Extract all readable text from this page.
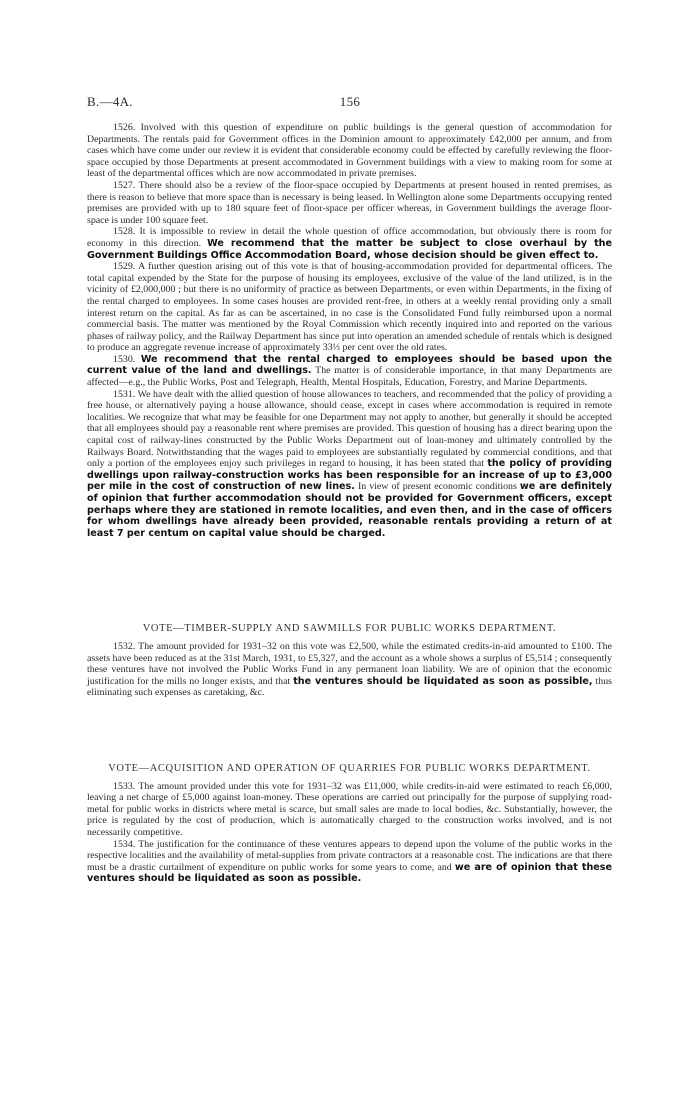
B.—4A.	156

1526. Involved with this question of expenditure on public buildings is the general question of accommodation for Departments. The rentals paid for Government offices in the Dominion amount to approximately £42,000 per annum, and from cases which have come under our review it is evident that considerable economy could be effected by carefully reviewing the floor-space occupied by those Departments at present accommodated in Government buildings with a view to making room for some at least of the departmental offices which are now accommodated in private premises.

1527. There should also be a review of the floor-space occupied by Departments at present housed in rented premises, as there is reason to believe that more space than is necessary is being leased. In Wellington alone some Departments occupying rented premises are provided with up to 180 square feet of floor-space per officer whereas, in Government buildings the average floor-space is under 100 square feet.

1528. It is impossible to review in detail the whole question of office accommodation, but obviously there is room for economy in this direction. We recommend that the matter be subject to close overhaul by the Government Buildings Office Accommodation Board, whose decision should be given effect to.

1529. A further question arising out of this vote is that of housing-accommodation provided for departmental officers. The total capital expended by the State for the purpose of housing its employees, exclusive of the value of the land utilized, is in the vicinity of £2,000,000 ; but there is no uniformity of practice as between Departments, or even within Departments, in the fixing of the rental charged to employees. In some cases houses are provided rent-free, in others at a weekly rental providing only a small interest return on the capital. As far as can be ascertained, in no case is the Consolidated Fund fully reimbursed upon a normal commercial basis. The matter was mentioned by the Royal Commission which recently inquired into and reported on the various phases of railway policy, and the Railway Department has since put into operation an amended schedule of rentals which is designed to produce an aggregate revenue increase of approximately 33⅓ per cent over the old rates.

1530. We recommend that the rental charged to employees should be based upon the current value of the land and dwellings. The matter is of considerable importance, in that many Departments are affected—e.g., the Public Works, Post and Telegraph, Health, Mental Hospitals, Education, Forestry, and Marine Departments.

1531. We have dealt with the allied question of house allowances to teachers, and recommended that the policy of providing a free house, or alternatively paying a house allowance, should cease, except in cases where accommodation is required in remote localities. We recognize that what may be feasible for one Department may not apply to another, but generally it should be accepted that all employees should pay a reasonable rent where premises are provided. This question of housing has a direct bearing upon the capital cost of railway-lines constructed by the Public Works Department out of loan-money and ultimately controlled by the Railways Board. Notwithstanding that the wages paid to employees are substantially regulated by commercial conditions, and that only a portion of the employees enjoy such privileges in regard to housing, it has been stated that the policy of providing dwellings upon railway-construction works has been responsible for an increase of up to £3,000 per mile in the cost of construction of new lines. In view of present economic conditions we are definitely of opinion that further accommodation should not be provided for Government officers, except perhaps where they are stationed in remote localities, and even then, and in the case of officers for whom dwellings have already been provided, reasonable rentals providing a return of at least 7 per centum on capital value should be charged.

VOTE—TIMBER-SUPPLY AND SAWMILLS FOR PUBLIC WORKS DEPARTMENT.

1532. The amount provided for 1931–32 on this vote was £2,500, while the estimated credits-in-aid amounted to £100. The assets have been reduced as at the 31st March, 1931, to £5,327, and the account as a whole shows a surplus of £5,514 ; consequently these ventures have not involved the Public Works Fund in any permanent loan liability. We are of opinion that the economic justification for the mills no longer exists, and that the ventures should be liquidated as soon as possible, thus eliminating such expenses as caretaking, &c.

VOTE—ACQUISITION AND OPERATION OF QUARRIES FOR PUBLIC WORKS DEPARTMENT.

1533. The amount provided under this vote for 1931–32 was £11,000, while credits-in-aid were estimated to reach £6,000, leaving a net charge of £5,000 against loan-money. These operations are carried out principally for the purpose of supplying road-metal for public works in districts where metal is scarce, but small sales are made to local bodies, &c. Substantially, however, the price is regulated by the cost of production, which is automatically charged to the construction works involved, and is not necessarily competitive.

1534. The justification for the continuance of these ventures appears to depend upon the volume of the public works in the respective localities and the availability of metal-supplies from private contractors at a reasonable cost. The indications are that there must be a drastic curtailment of expenditure on public works for some years to come, and we are of opinion that these ventures should be liquidated as soon as possible.
